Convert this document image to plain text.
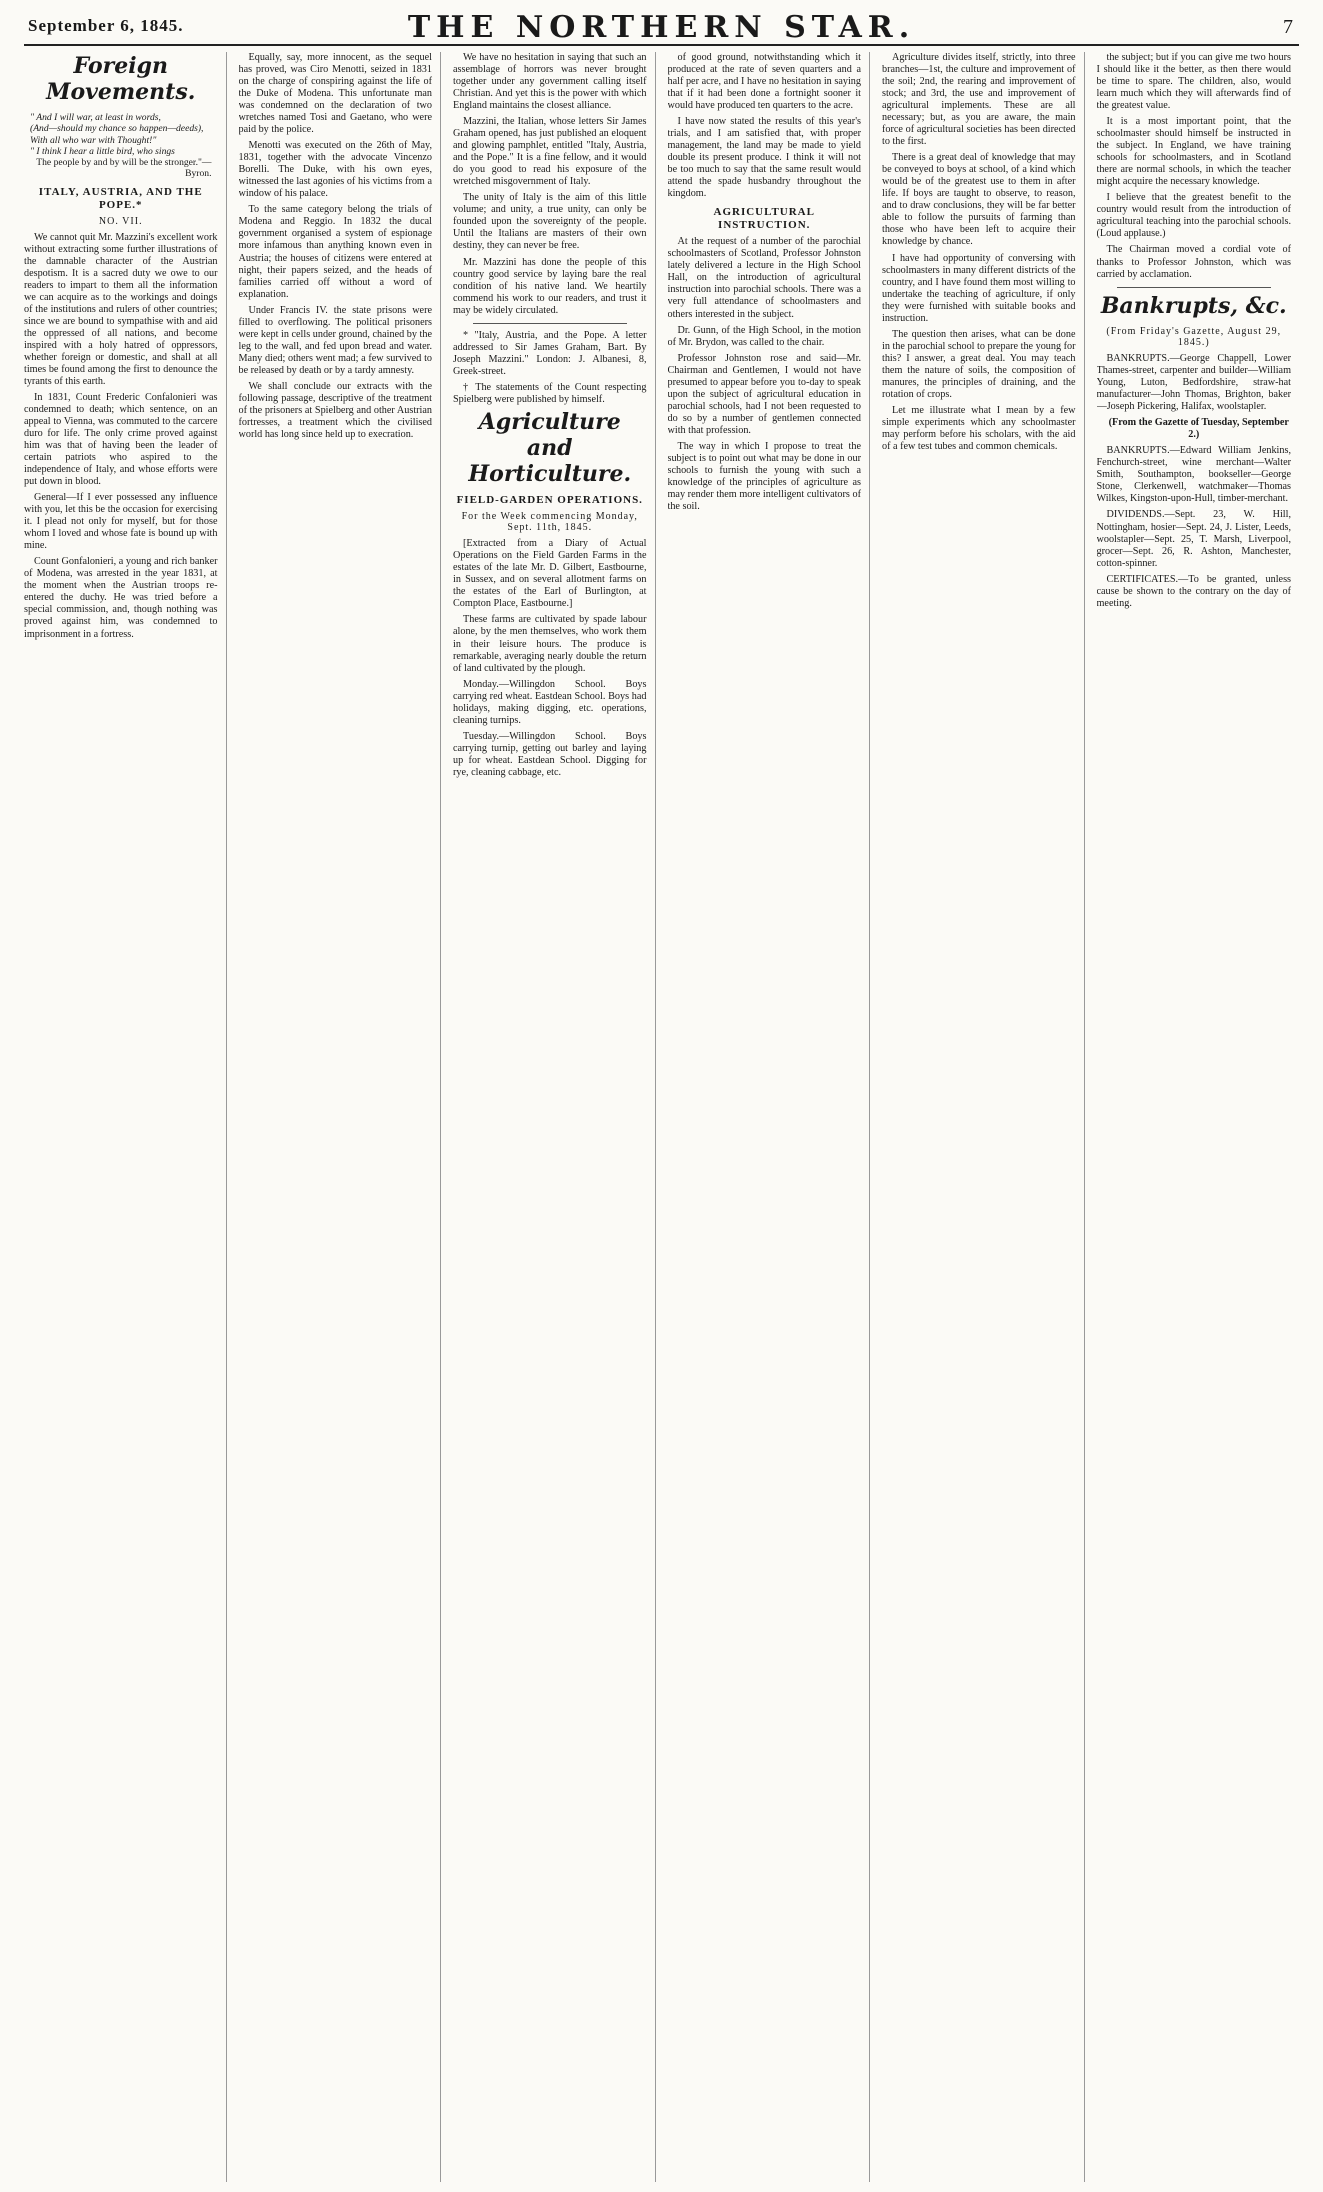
September 6, 1845.	THE NORTHERN STAR.	7
Foreign Movements.

" And I will war, at least in words,

(And—should my chance so happen—deeds),

With all who war with Thought!"

" I think I hear a little bird, who sings

The people by and by will be the stronger."—Byron.

ITALY, AUSTRIA, AND THE POPE.*
NO. VII.

We cannot quit Mr. Mazzini's excellent work without extracting some further illustrations of the damnable character of the Austrian despotism. It is a sacred duty we owe to our readers to impart to them all the information we can acquire as to the workings and doings of the institutions and rulers of other countries; since we are bound to sympathise with and aid the oppressed of all nations, and become inspired with a holy hatred of oppressors, whether foreign or domestic, and shall at all times be found among the first to denounce the tyrants of this earth.

In 1831, Count Frederic Confalonieri was condemned to death; which sentence, on an appeal to Vienna, was commuted to the carcere duro for life. The only crime proved against him was that of having been the leader of certain patriots who aspired to the independence of Italy, and whose efforts were put down in blood.

General—If I ever possessed any influence with you, let this be the occasion for exercising it. I plead not only for myself, but for those whom I loved and whose fate is bound up with mine.

Count Gonfalonieri, a young and rich banker of Modena, was arrested in the year 1831, at the moment when the Austrian troops re-entered the duchy. He was tried before a special commission, and, though nothing was proved against him, was condemned to imprisonment in a fortress.

Equally, say, more innocent, as the sequel has proved, was Ciro Menotti, seized in 1831 on the charge of conspiring against the life of the Duke of Modena. This unfortunate man was condemned on the declaration of two wretches named Tosi and Gaetano, who were paid by the police.

Menotti was executed on the 26th of May, 1831, together with the advocate Vincenzo Borelli. The Duke, with his own eyes, witnessed the last agonies of his victims from a window of his palace.

To the same category belong the trials of Modena and Reggio. In 1832 the ducal government organised a system of espionage more infamous than anything known even in Austria; the houses of citizens were entered at night, their papers seized, and the heads of families carried off without a word of explanation.

Under Francis IV. the state prisons were filled to overflowing. The political prisoners were kept in cells under ground, chained by the leg to the wall, and fed upon bread and water. Many died; others went mad; a few survived to be released by death or by a tardy amnesty.

We shall conclude our extracts with the following passage, descriptive of the treatment of the prisoners at Spielberg and other Austrian fortresses, a treatment which the civilised world has long since held up to execration.

We have no hesitation in saying that such an assemblage of horrors was never brought together under any government calling itself Christian. And yet this is the power with which England maintains the closest alliance.

Mazzini, the Italian, whose letters Sir James Graham opened, has just published an eloquent and glowing pamphlet, entitled "Italy, Austria, and the Pope." It is a fine fellow, and it would do you good to read his exposure of the wretched misgovernment of Italy.

The unity of Italy is the aim of this little volume; and unity, a true unity, can only be founded upon the sovereignty of the people. Until the Italians are masters of their own destiny, they can never be free.

Mr. Mazzini has done the people of this country good service by laying bare the real condition of his native land. We heartily commend his work to our readers, and trust it may be widely circulated.

* "Italy, Austria, and the Pope. A letter addressed to Sir James Graham, Bart. By Joseph Mazzini." London: J. Albanesi, 8, Greek-street.

† The statements of the Count respecting Spielberg were published by himself.

Agriculture and Horticulture.
FIELD-GARDEN OPERATIONS.
For the Week commencing Monday, Sept. 11th, 1845.

[Extracted from a Diary of Actual Operations on the Field Garden Farms in the estates of the late Mr. D. Gilbert, Eastbourne, in Sussex, and on several allotment farms on the estates of the Earl of Burlington, at Compton Place, Eastbourne.]

These farms are cultivated by spade labour alone, by the men themselves, who work them in their leisure hours. The produce is remarkable, averaging nearly double the return of land cultivated by the plough.

Monday.—Willingdon School. Boys carrying red wheat. Eastdean School. Boys had holidays, making digging, etc. operations, cleaning turnips.

Tuesday.—Willingdon School. Boys carrying turnip, getting out barley and laying up for wheat. Eastdean School. Digging for rye, cleaning cabbage, etc.

of good ground, notwithstanding which it produced at the rate of seven quarters and a half per acre, and I have no hesitation in saying that if it had been done a fortnight sooner it would have produced ten quarters to the acre.

I have now stated the results of this year's trials, and I am satisfied that, with proper management, the land may be made to yield double its present produce. I think it will not be too much to say that the same result would attend the spade husbandry throughout the kingdom.

AGRICULTURAL INSTRUCTION.

At the request of a number of the parochial schoolmasters of Scotland, Professor Johnston lately delivered a lecture in the High School Hall, on the introduction of agricultural instruction into parochial schools. There was a very full attendance of schoolmasters and others interested in the subject.

Dr. Gunn, of the High School, in the motion of Mr. Brydon, was called to the chair.

Professor Johnston rose and said—Mr. Chairman and Gentlemen, I would not have presumed to appear before you to-day to speak upon the subject of agricultural education in parochial schools, had I not been requested to do so by a number of gentlemen connected with that profession.

The way in which I propose to treat the subject is to point out what may be done in our schools to furnish the young with such a knowledge of the principles of agriculture as may render them more intelligent cultivators of the soil.

Agriculture divides itself, strictly, into three branches—1st, the culture and improvement of the soil; 2nd, the rearing and improvement of stock; and 3rd, the use and improvement of agricultural implements. These are all necessary; but, as you are aware, the main force of agricultural societies has been directed to the first.

There is a great deal of knowledge that may be conveyed to boys at school, of a kind which would be of the greatest use to them in after life. If boys are taught to observe, to reason, and to draw conclusions, they will be far better able to follow the pursuits of farming than those who have been left to acquire their knowledge by chance.

I have had opportunity of conversing with schoolmasters in many different districts of the country, and I have found them most willing to undertake the teaching of agriculture, if only they were furnished with suitable books and instruction.

The question then arises, what can be done in the parochial school to prepare the young for this? I answer, a great deal. You may teach them the nature of soils, the composition of manures, the principles of draining, and the rotation of crops.

Let me illustrate what I mean by a few simple experiments which any schoolmaster may perform before his scholars, with the aid of a few test tubes and common chemicals.

the subject; but if you can give me two hours I should like it the better, as then there would be time to spare. The children, also, would learn much which they will afterwards find of the greatest value.

It is a most important point, that the schoolmaster should himself be instructed in the subject. In England, we have training schools for schoolmasters, and in Scotland there are normal schools, in which the teacher might acquire the necessary knowledge.

I believe that the greatest benefit to the country would result from the introduction of agricultural teaching into the parochial schools. (Loud applause.)

The Chairman moved a cordial vote of thanks to Professor Johnston, which was carried by acclamation.

Bankrupts, &c.
(From Friday's Gazette, August 29, 1845.)

BANKRUPTS.—George Chappell, Lower Thames-street, carpenter and builder—William Young, Luton, Bedfordshire, straw-hat manufacturer—John Thomas, Brighton, baker—Joseph Pickering, Halifax, woolstapler.

(From the Gazette of Tuesday, September 2.)

BANKRUPTS.—Edward William Jenkins, Fenchurch-street, wine merchant—Walter Smith, Southampton, bookseller—George Stone, Clerkenwell, watchmaker—Thomas Wilkes, Kingston-upon-Hull, timber-merchant.

DIVIDENDS.—Sept. 23, W. Hill, Nottingham, hosier—Sept. 24, J. Lister, Leeds, woolstapler—Sept. 25, T. Marsh, Liverpool, grocer—Sept. 26, R. Ashton, Manchester, cotton-spinner.

CERTIFICATES.—To be granted, unless cause be shown to the contrary on the day of meeting.
